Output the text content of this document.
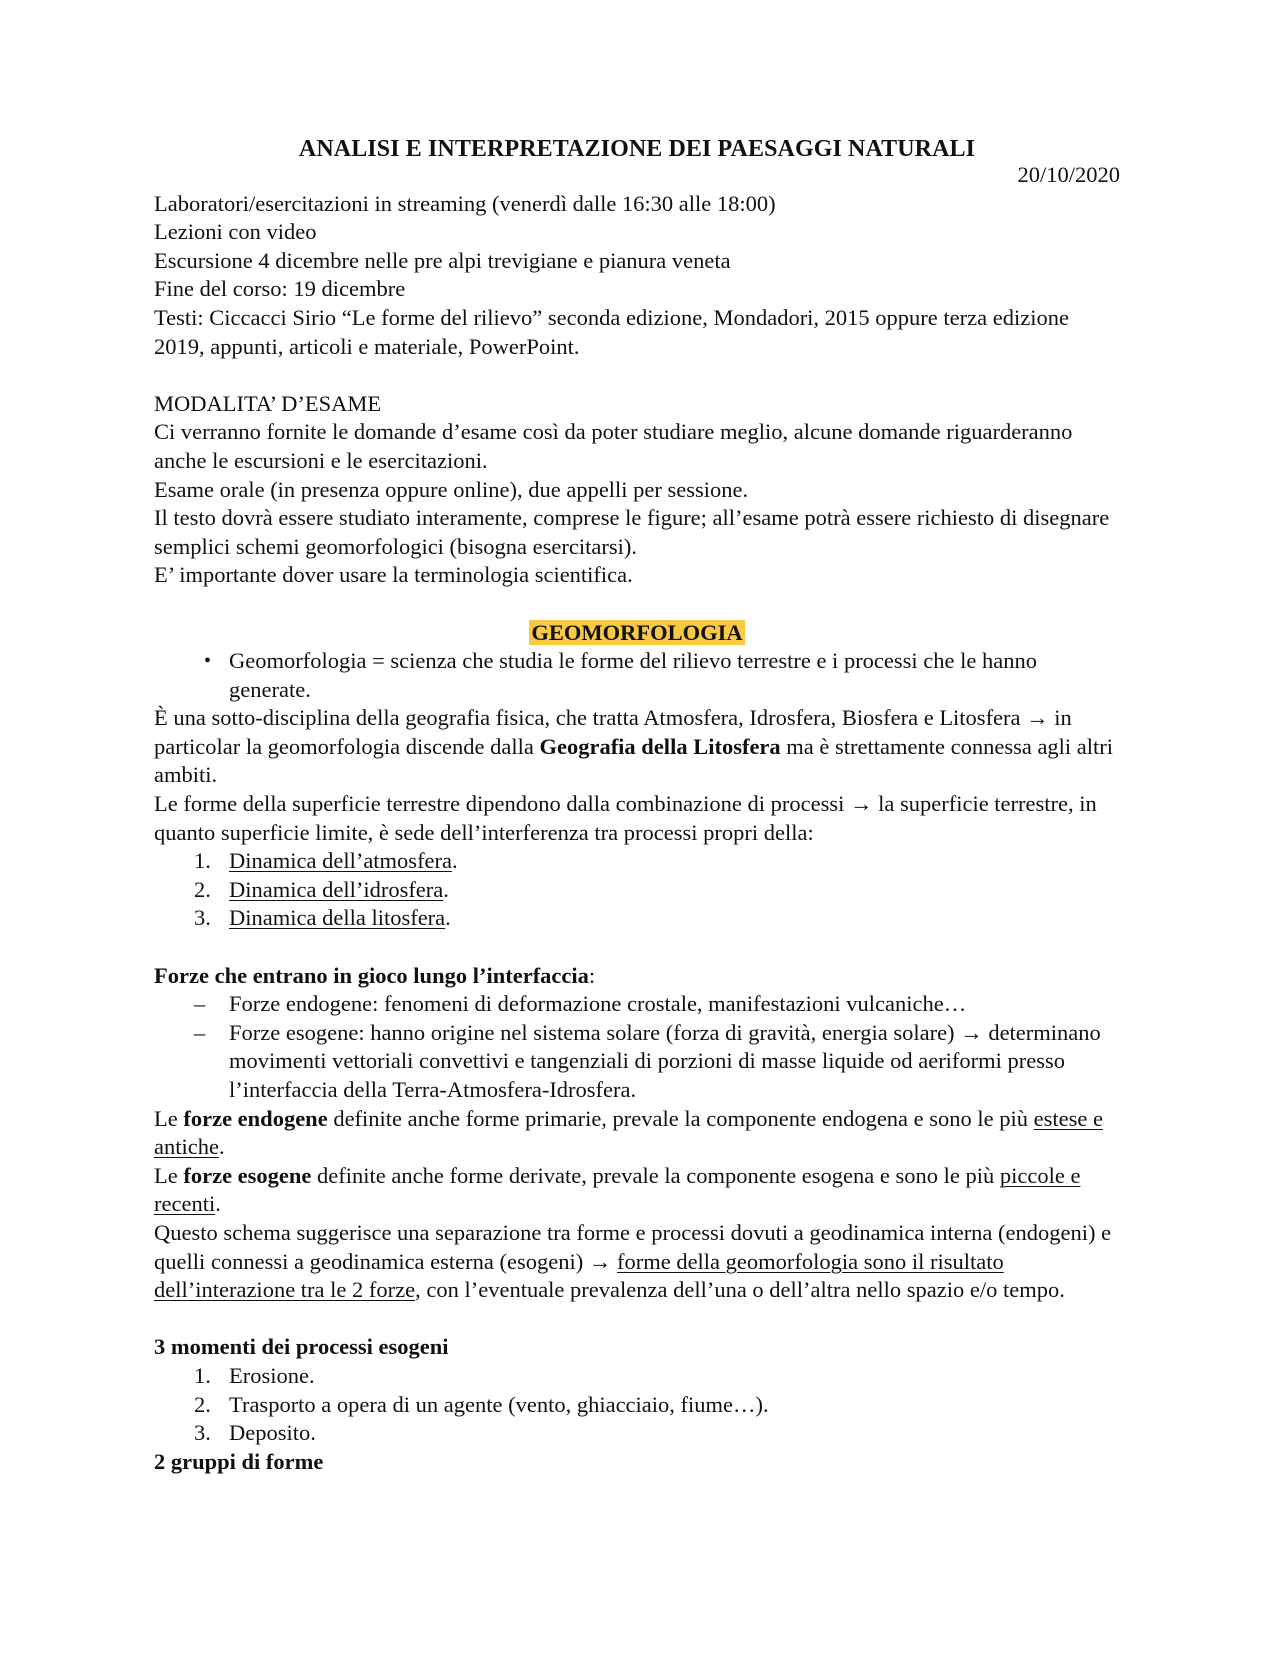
ANALISI E INTERPRETAZIONE DEI PAESAGGI NATURALI
20/10/2020

Laboratori/esercitazioni in streaming (venerdì dalle 16:30 alle 18:00)

Lezioni con video

Escursione 4 dicembre nelle pre alpi trevigiane e pianura veneta

Fine del corso: 19 dicembre

Testi: Ciccacci Sirio “Le forme del rilievo” seconda edizione, Mondadori, 2015 oppure terza edizione 2019, appunti, articoli e materiale, PowerPoint.

MODALITA’ D’ESAME

Ci verranno fornite le domande d’esame così da poter studiare meglio, alcune domande riguarderanno anche le escursioni e le esercitazioni.

Esame orale (in presenza oppure online), due appelli per sessione.

Il testo dovrà essere studiato interamente, comprese le figure; all’esame potrà essere richiesto di disegnare semplici schemi geomorfologici (bisogna esercitarsi).

E’ importante dover usare la terminologia scientifica.

GEOMORFOLOGIA

• Geomorfologia = scienza che studia le forme del rilievo terrestre e i processi che le hanno generate.

È una sotto-disciplina della geografia fisica, che tratta Atmosfera, Idrosfera, Biosfera e Litosfera → in particolar la geomorfologia discende dalla Geografia della Litosfera ma è strettamente connessa agli altri ambiti.

Le forme della superficie terrestre dipendono dalla combinazione di processi → la superficie terrestre, in quanto superficie limite, è sede dell’interferenza tra processi propri della:

1. Dinamica dell’atmosfera.
2. Dinamica dell’idrosfera.
3. Dinamica della litosfera.

Forze che entrano in gioco lungo l’interfaccia:

–	Forze endogene: fenomeni di deformazione crostale, manifestazioni vulcaniche…
–	Forze esogene: hanno origine nel sistema solare (forza di gravità, energia solare) → determinano movimenti vettoriali convettivi e tangenziali di porzioni di masse liquide od aeriformi presso l’interfaccia della Terra-Atmosfera-Idrosfera.

Le forze endogene definite anche forme primarie, prevale la componente endogena e sono le più estese e antiche.

Le forze esogene definite anche forme derivate, prevale la componente esogena e sono le più piccole e recenti.

Questo schema suggerisce una separazione tra forme e processi dovuti a geodinamica interna (endogeni) e quelli connessi a geodinamica esterna (esogeni) → forme della geomorfologia sono il risultato dell’interazione tra le 2 forze, con l’eventuale prevalenza dell’una o dell’altra nello spazio e/o tempo.

3 momenti dei processi esogeni

1. Erosione.
2. Trasporto a opera di un agente (vento, ghiacciaio, fiume…).
3. Deposito.

2 gruppi di forme
